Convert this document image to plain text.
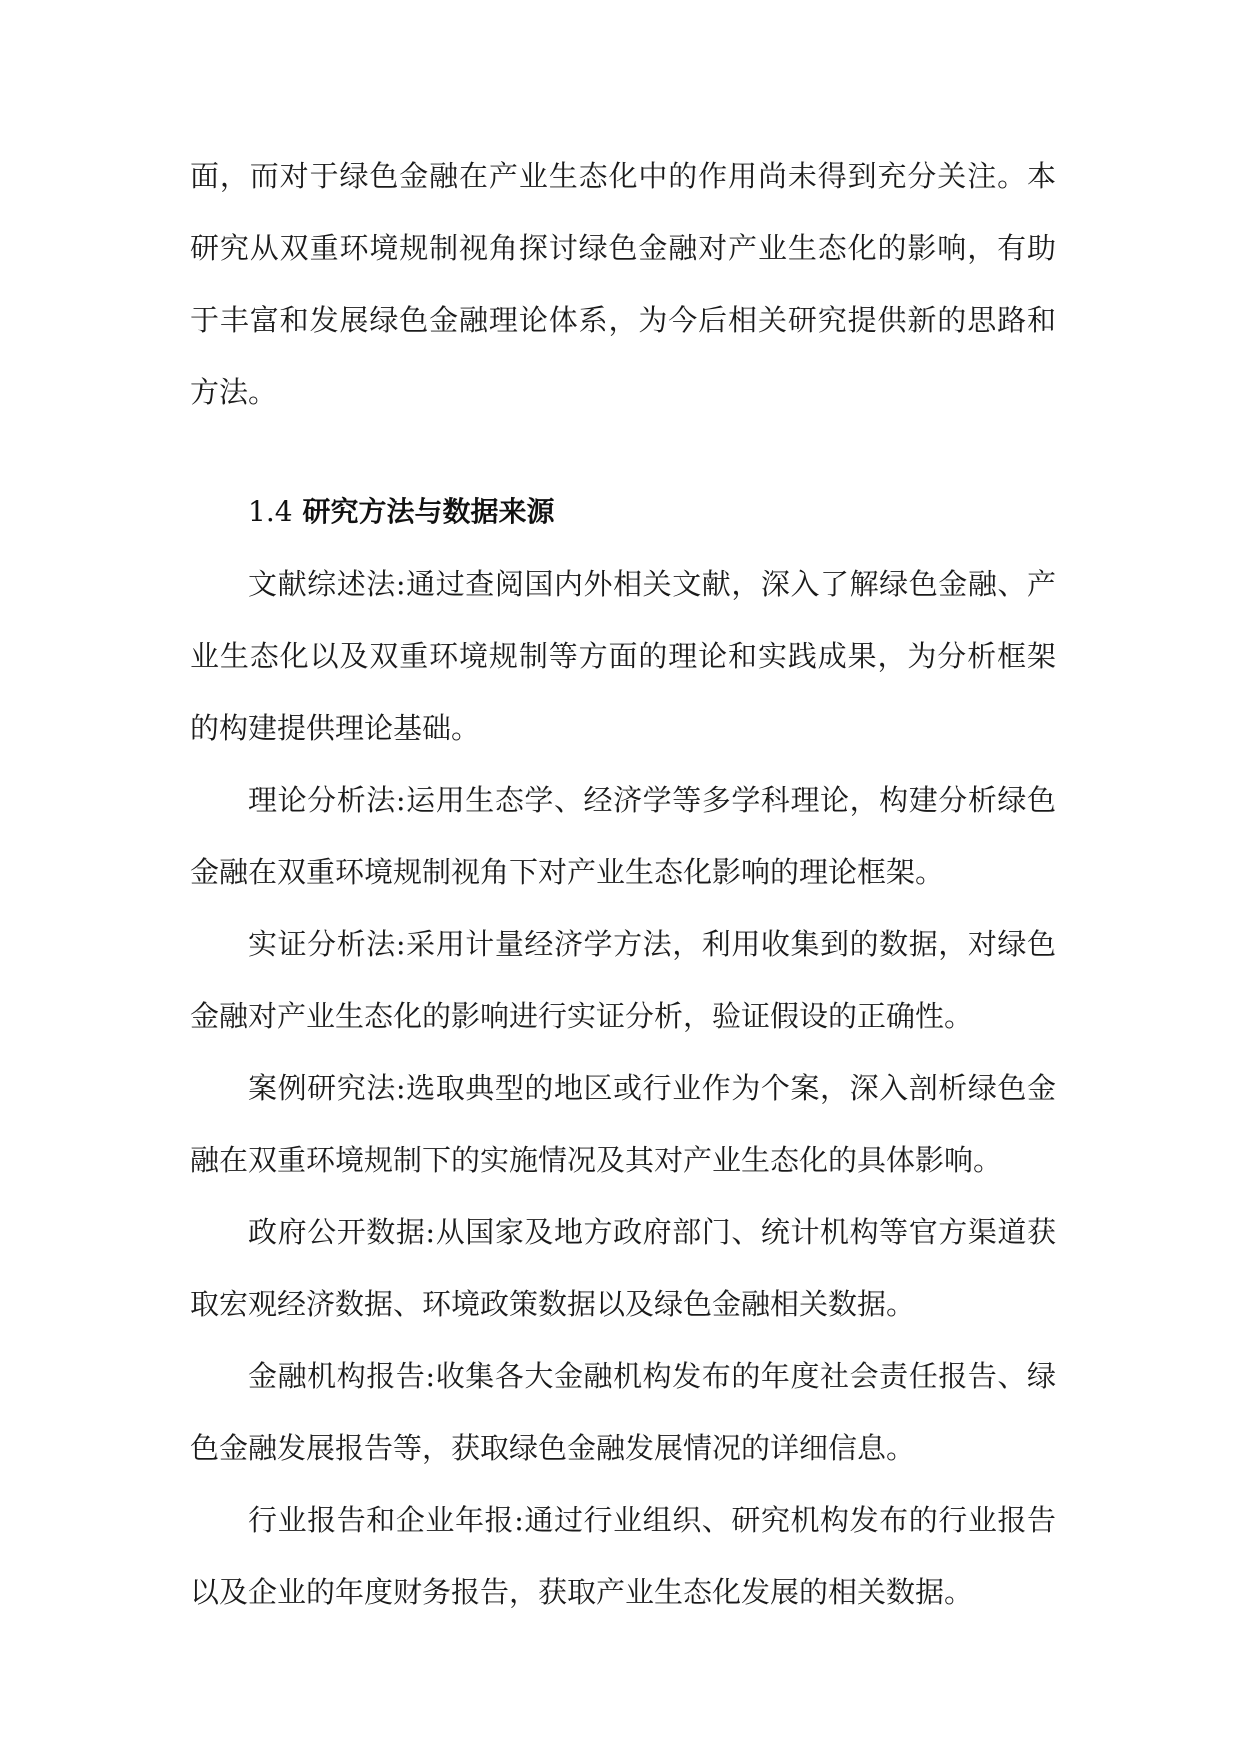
面，而对于绿色金融在产业生态化中的作用尚未得到充分关注。本研究从双重环境规制视角探讨绿色金融对产业生态化的影响，有助于丰富和发展绿色金融理论体系，为今后相关研究提供新的思路和方法。

1.4 研究方法与数据来源

文献综述法:通过查阅国内外相关文献，深入了解绿色金融、产业生态化以及双重环境规制等方面的理论和实践成果，为分析框架的构建提供理论基础。

理论分析法:运用生态学、经济学等多学科理论，构建分析绿色金融在双重环境规制视角下对产业生态化影响的理论框架。

实证分析法:采用计量经济学方法，利用收集到的数据，对绿色金融对产业生态化的影响进行实证分析，验证假设的正确性。

案例研究法:选取典型的地区或行业作为个案，深入剖析绿色金融在双重环境规制下的实施情况及其对产业生态化的具体影响。

政府公开数据:从国家及地方政府部门、统计机构等官方渠道获取宏观经济数据、环境政策数据以及绿色金融相关数据。

金融机构报告:收集各大金融机构发布的年度社会责任报告、绿色金融发展报告等，获取绿色金融发展情况的详细信息。

行业报告和企业年报:通过行业组织、研究机构发布的行业报告以及企业的年度财务报告，获取产业生态化发展的相关数据。
